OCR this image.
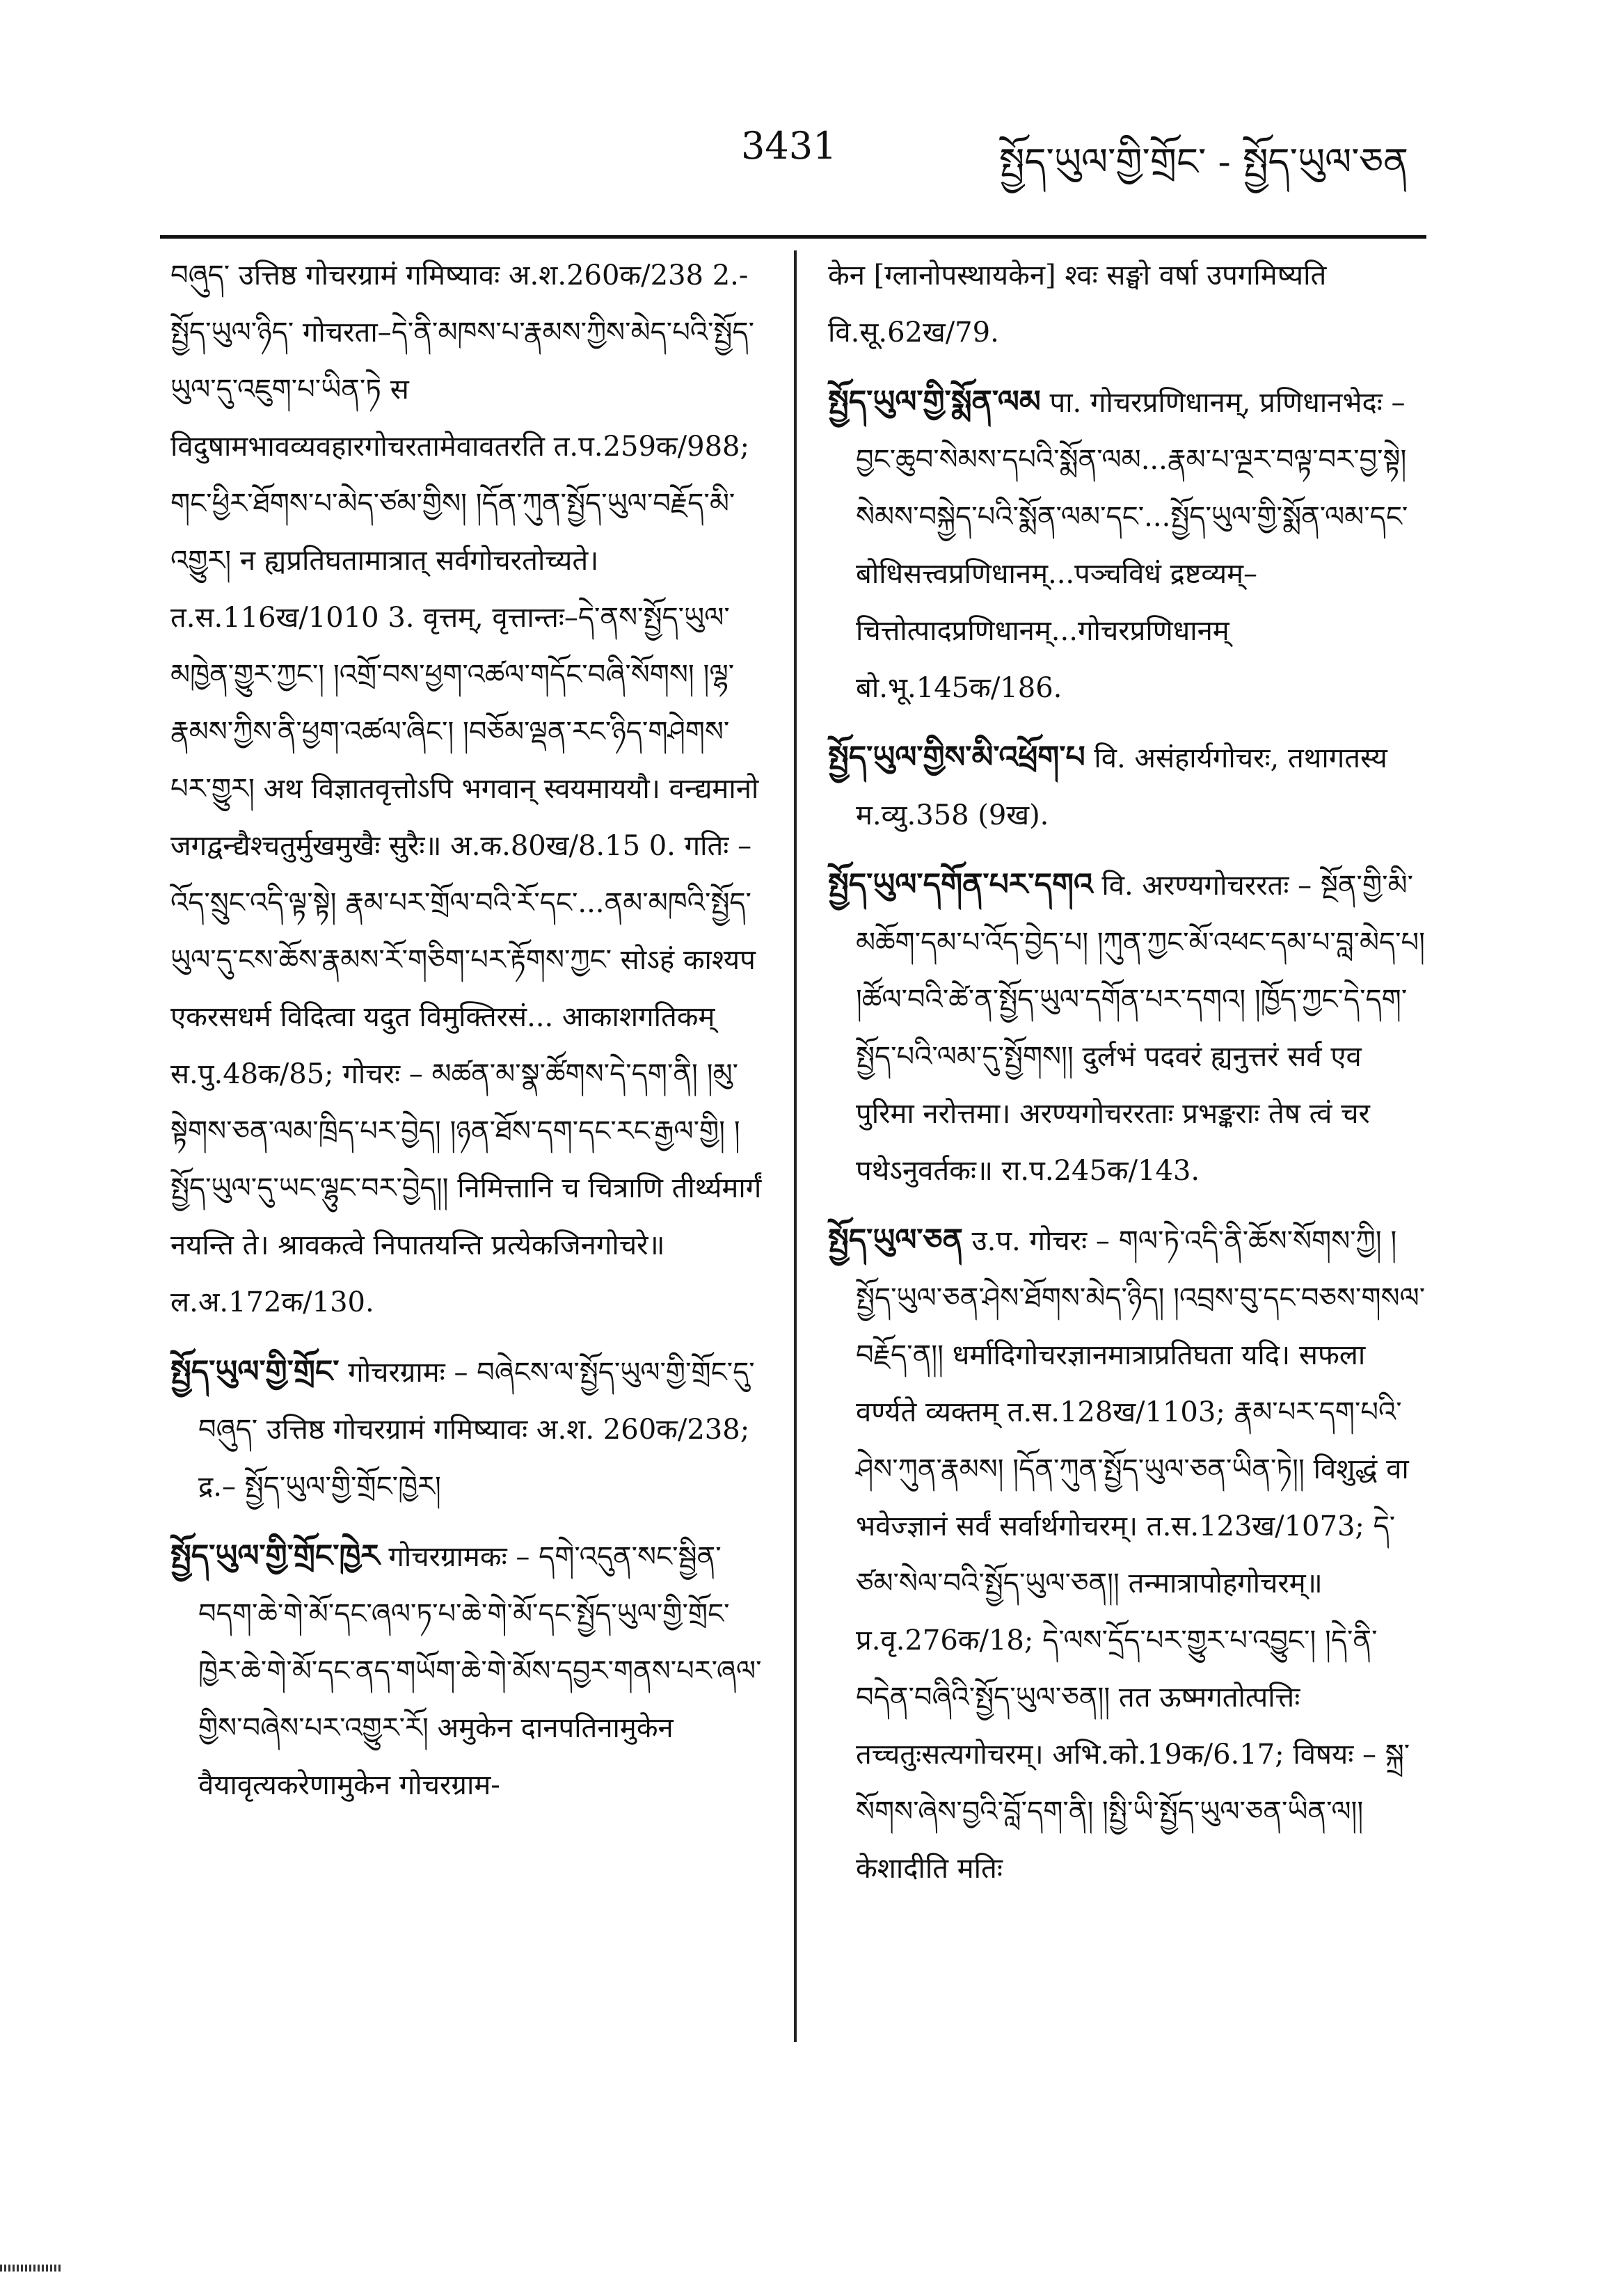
3431	སྤྱོད་ཡུལ་གྱི་གྲོང་ - སྤྱོད་ཡུལ་ཅན

བཞུད་ उत्तिष्ठ गोचरग्रामं गमिष्यावः अ.श.260क/238 2.- སྤྱོད་ཡུལ་ཉིད་ गोचरता–དེ་ནི་མཁས་པ་རྣམས་ཀྱིས་མེད་པའི་སྤྱོད་ཡུལ་དུ་འཇུག་པ་ཡིན་ཏེ स विदुषामभावव्यवहारगोचरतामेवावतरति त.प.259क/988; གང་ཕྱིར་ཐོགས་པ་མེད་ཙམ་གྱིས། །དོན་ཀུན་སྤྱོད་ཡུལ་བརྗོད་མི་འགྱུར། न ह्यप्रतिघतामात्रात् सर्वगोचरतोच्यते। त.स.116ख/1010 3. वृत्तम्, वृत्तान्तः–དེ་ནས་སྤྱོད་ཡུལ་མཁྱེན་གྱུར་ཀྱང་། །འགྲོ་བས་ཕྱག་འཚལ་གདོང་བཞི་སོགས། །ལྷ་རྣམས་ཀྱིས་ནི་ཕྱག་འཚལ་ཞིང་། །བཅོམ་ལྡན་རང་ཉིད་གཤེགས་པར་གྱུར། अथ विज्ञातवृत्तोऽपि भगवान् स्वयमाययौ। वन्द्यमानो जगद्वन्द्यैश्चतुर्मुखमुखैः सुरैः॥ अ.क.80ख/8.15 0. गतिः – འོད་སྲུང་འདི་ལྟ་སྟེ། རྣམ་པར་གྲོལ་བའི་རོ་དང་...ནམ་མཁའི་སྤྱོད་ཡུལ་དུ་ངས་ཆོས་རྣམས་རོ་གཅིག་པར་རྟོགས་ཀྱང་ सोऽहं काश्यप एकरसधर्म विदित्वा यदुत विमुक्तिरसं... आकाशगतिकम् स.पु.48क/85; गोचरः – མཚན་མ་སྣ་ཚོགས་དེ་དག་ནི། །མུ་སྟེགས་ཅན་ལམ་ཁྲིད་པར་བྱེད། །ཉན་ཐོས་དག་དང་རང་རྒྱལ་གྱི། །སྤྱོད་ཡུལ་དུ་ཡང་ལྷུང་བར་བྱེད།། निमित्तानि च चित्राणि तीर्थ्यमार्गं नयन्ति ते। श्रावकत्वे निपातयन्ति प्रत्येकजिनगोचरे॥ ल.अ.172क/130.

སྤྱོད་ཡུལ་གྱི་གྲོང་ गोचरग्रामः – བཞེངས་ལ་སྤྱོད་ཡུལ་གྱི་གྲོང་དུ་བཞུད་ उत्तिष्ठ गोचरग्रामं गमिष्यावः अ.श. 260क/238; द्र.– སྤྱོད་ཡུལ་གྱི་གྲོང་ཁྱེར།

སྤྱོད་ཡུལ་གྱི་གྲོང་ཁྱེར गोचरग्रामकः – དགེ་འདུན་སང་སྦྱིན་བདག་ཆེ་གེ་མོ་དང་ཞལ་ཏ་པ་ཆེ་གེ་མོ་དང་སྤྱོད་ཡུལ་གྱི་གྲོང་ཁྱེར་ཆེ་གེ་མོ་དང་ནད་གཡོག་ཆེ་གེ་མོས་དབྱར་གནས་པར་ཞལ་གྱིས་བཞེས་པར་འགྱུར་རོ། अमुकेन दानपतिनामुकेन वैयावृत्यकरेणामुकेन गोचरग्राम-

केन [ग्लानोपस्थायकेन] श्वः सङ्घो वर्षा उपगमिष्यति वि.सू.62ख/79.

སྤྱོད་ཡུལ་གྱི་སྨོན་ལམ पा. गोचरप्रणिधानम्, प्रणिधानभेदः – བྱང་ཆུབ་སེམས་དཔའི་སྨོན་ལམ...རྣམ་པ་ལྔར་བལྟ་བར་བྱ་སྟེ། སེམས་བསྐྱེད་པའི་སྨོན་ལམ་དང་...སྤྱོད་ཡུལ་གྱི་སྨོན་ལམ་དང་ बोधिसत्त्वप्रणिधानम्...पञ्चविधं द्रष्टव्यम्–चित्तोत्पादप्रणिधानम्...गोचरप्रणिधानम् बो.भू.145क/186.

སྤྱོད་ཡུལ་གྱིས་མི་འཕྲོག་པ वि. असंहार्यगोचरः, तथागतस्य म.व्यु.358 (9ख).

སྤྱོད་ཡུལ་དགོན་པར་དགའ वि. अरण्यगोचररतः – སྔོན་གྱི་མི་མཆོག་དམ་པ་འོད་བྱེད་པ། །ཀུན་ཀྱང་མོ་འཕང་དམ་པ་བླ་མེད་པ། །ཚོལ་བའི་ཚེ་ན་སྤྱོད་ཡུལ་དགོན་པར་དགའ། །ཁྱོད་ཀྱང་དེ་དག་སྤྱོད་པའི་ལམ་དུ་སྤྱོགས།། दुर्लभं पदवरं ह्यनुत्तरं सर्व एव पुरिमा नरोत्तमा। अरण्यगोचररताः प्रभङ्कराः तेष त्वं चर पथेऽनुवर्तकः॥ रा.प.245क/143.

སྤྱོད་ཡུལ་ཅན उ.प. गोचरः – གལ་ཏེ་འདི་ནི་ཆོས་སོགས་ཀྱི། །སྤྱོད་ཡུལ་ཅན་ཤེས་ཐོགས་མེད་ཉིད། །འབྲས་བུ་དང་བཅས་གསལ་བརྗོད་ན།། धर्मादिगोचरज्ञानमात्राप्रतिघता यदि। सफला वर्ण्यते व्यक्तम् त.स.128ख/1103; རྣམ་པར་དག་པའི་ཤེས་ཀུན་རྣམས། །དོན་ཀུན་སྤྱོད་ཡུལ་ཅན་ཡིན་ཏེ།། विशुद्धं वा भवेज्ज्ञानं सर्वं सर्वार्थगोचरम्। त.स.123ख/1073; དེ་ཙམ་སེལ་བའི་སྤྱོད་ཡུལ་ཅན།། तन्मात्रापोहगोचरम्॥ प्र.वृ.276क/18; དེ་ལས་དྲོད་པར་གྱུར་པ་འབྱུང་། །དེ་ནི་བདེན་བཞིའི་སྤྱོད་ཡུལ་ཅན།། तत ऊष्मगतोत्पत्तिः तच्चतुःसत्यगोचरम्। अभि.को.19क/6.17; विषयः – སྐྲ་སོགས་ཞེས་བྱའི་བློ་དག་ནི། །སྤྱི་ཡི་སྤྱོད་ཡུལ་ཅན་ཡིན་ལ།། केशादीति मतिः
